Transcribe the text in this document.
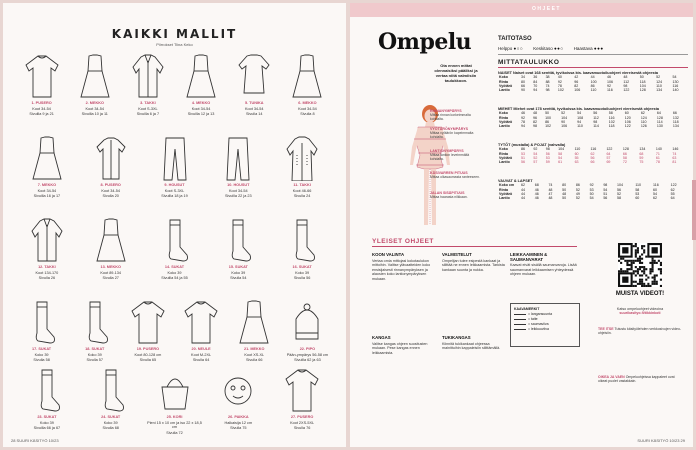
KAIKKI MALLIT
Piirrokset Tiina Keko
1. PUSERO
Koot 34-54
Sivuilla 9 ja 21
2. MEKKO
Koot 34-54
Sivuilla 10 ja 11
3. TAKKI
Koot S-3XL
Sivuilla 6 ja 7
4. MEKKO
Koot 34-54
Sivuilla 12 ja 13
5. TUNIKA
Koot 34-54
Sivulla 14
6. MEKKO
Koot 34-54
Sivulla 8
7. MEKKO
Koot 34-54
Sivuilla 16 ja 17
8. PUSERO
Koot 34-54
Sivulla 20
9. HOUSUT
Koot S-3XL
Sivuilla 18 ja 19
10. HOUSUT
Koot 34-54
Sivuilla 22 ja 23
11. TAKKI
Koot 46-66
Sivulla 24
12. TAKKI
Koot 134-170
Sivulla 26
13. MEKKO
Koot 89-134
Sivulla 27
14. SUKAT
Koko 39
Sivuilla 54 ja 55
15. SUKAT
Koko 39
Sivulla 54
16. SUKAT
Koko 39
Sivulla 56
17. SUKAT
Koko 39
Sivulla 58
18. SUKAT
Koko 39
Sivulla 57
19. PUSERO
Koot 80-128 cm
Sivulla 65
20. NEULE
Koot M-2XL
Sivulla 64
21. MEKKO
Koot XS-XL
Sivulla 66
22. PIPO
Pään-ympärys 56-58 cm
Sivuilla 62 ja 63
23. SUKAT
Koko 39
Sivuilla 66 ja 67
24. SUKAT
Koko 39
Sivulla 68
25. KORI
Pieni 15 x 10 cm ja iso 22 x 18,5 cm
Sivulla 72
26. PAIKKA
Halkaisija 12 cm
Sivulla 75
27. PUSERO
Koot 2XS-5XL
Sivulla 76
28 SUURI KÄSITYÖ 10/23
OHJEET
Ompelu
Ota ennen mittat olennaisiksi pääliksi ja vertaa niitä valmiisiin taulukkoon.
TAITOTASO
Helppo ●○○ Keskitaso ●●○ Haastava ●●●
MITTATAULUKKO
NAISET Naiset ovat 168 senttiä, tyvikoissa kts. kaavamuotoiluohjeet viereisestä ohjeesta
Koko	34	36	38	40	42	44	46	48	50	52	54
Rinta	80	84	88	92	96	100	106	112	118	124	130
Vyötärö	66	70	74	78	82	86	92	98	104	110	116
Lantio	90	94	98	102	106	110	116	122	128	134	140
MIEHET Miehet ovat 178 senttiä, tyvikoissa kts. kaavamuotoiluohjeet viereisestä ohjeesta
Koko	46	48	50	52	54	56	58	60	62	64	66
Rinta	92	96	100	104	108	112	116	120	124	128	132
Vyötärö	78	82	86	90	94	98	102	106	110	114	118
Lantio	94	98	102	106	110	114	118	122	126	130	134
TYTÖT (mustalla) & POJAT (vahvalla)
Koko	86	92	98	104	110	116	122	128	134	140	146
Rinta	53	54	56	58	60	62	64	66	68	71	74
Vyötärö	51	52	53	54	55	56	57	58	59	61	63
Lantio	56	57	59	61	63	66	69	72	75	78	81
VAUVAT & LAPSET
Koko cm	62	68	74	80	86	92	98	104	110	116	122
Rinta	44	46	48	50	52	53	54	56	58	60	62
Vyötärö	44	46	47	48	49	50	51	52	53	54	55
Lantio	44	46	48	50	52	54	56	58	60	62	64
RINNANYMPÄRYS
Mittaa rinnan korkeimmalta kohdalta.
VYÖTÄRÖNYMPÄRYS
Mittaa vyötärön kapeimmalta kohdalta.
LANTIONYMPÄRYS
Mittaa lantion leveimmältä kohdalta.
KÄSIVARREN PITUUS
Mittaa olkasaumasta ranteeseen.
JALAN SISÄPITUUS
Mittaa haarasta nilkkaan.
YLEISET OHJEET
KOON VALINTA

Vertaa omia mittojasi kokotaulukon mittoihin. Valitse ylävaatteiden koko ensisijaisesti rinnanympäryksen ja alaosien koko lantionympäryksen mukaan.

VALMISTELUT

Ompelijan tulee esipestä kankaat ja silittää ne ennen leikkaamista. Tarkista kankaan suunta ja nukka.

LEIKKAAMINEN & SAUMANVARAT

Kaavat eivät sisällä saumanvaroja. Lisää saumanvarat leikkaamisen yhteydessä ohjeen mukaan.

KANGAS

Valitse kangas ohjeen suositusten mukaan. Pese kangas ennen leikkaamista.

TUKIKANGAS

Kiinnitä tukikankaat ohjeessa mainittuihin kappaleisiin silittämällä.

KAAVAMERKIT
= langansuunta
= taite
= saumaviiva
= leikkuuviiva
MUISTA VIDEOT!
Katso ompeluohjeet videoina
suurikasityo.fi/tikkinkoti
TEE ITSE Tutustu käsityölehden verkkosivujen video-ohjeisiin.
OIKEA JA VAEN Ompeluohjeissa kappaleet ovat oikeat puolet vastakkain.
SUURI KÄSITYÖ 10/23 29
